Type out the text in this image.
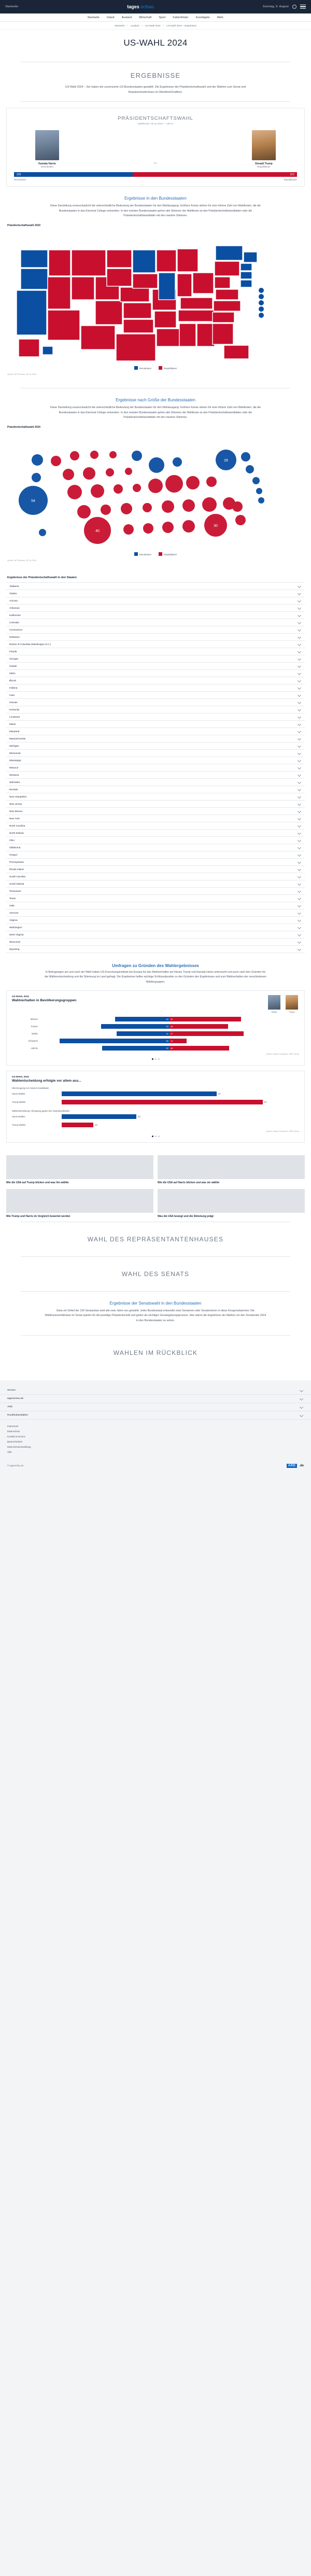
Startseite	tages schau	Sonntag, 9. August
Startseite	Inland	Ausland	Wirtschaft	Sport	Faktenfinder	Investigativ	Mehr
Startseite › Ausland › US-Wahl 2024 › US-Wahl 2024 – Ergebnisse
US-WAHL 2024
ERGEBNISSE
US-Wahl 2024 – Sie haben die unzensierte US-Bundesstaaten gewählt. Die Ergebnisse der Präsidentschaftswahl und der Wahlen zum Senat und Repräsentantenhaus im Überblick/Grafiken.
PRÄSIDENTSCHAFTSWAHL
Wahltermin: 05.11.2024 — 100 %
Kamala Harris
Demokraten
vs.	Donald Trump
Republikaner
226	312
Demokraten	Republikaner
Ergebnisse in den Bundesstaaten
Diese Darstellung veranschaulicht die unterschiedliche Bedeutung der Bundesstaaten für den Wahlausgang: Größere Kreise stehen für eine höhere Zahl von Wahlleuten, die die Bundesstaaten in das Electoral College entsenden. In den meisten Bundesstaaten gehen alle Stimmen der Wahlleute an den Präsidentschaftskandidaten oder die Präsidentschaftskandidatin mit den meisten Stimmen.
Präsidentschaftswahl 2024
Demokraten	Republikaner
Quelle: AP Election, 05.11.2024
Ergebnisse nach Größe der Bundesstaaten
Diese Darstellung veranschaulicht die unterschiedliche Bedeutung der Bundesstaaten für den Wahlausgang: Größere Kreise stehen für eine höhere Zahl von Wahlleuten, die die Bundesstaaten in das Electoral College entsenden. In den meisten Bundesstaaten gehen alle Stimmen der Wahlleute an den Präsidentschaftskandidaten oder die Präsidentschaftskandidatin mit den meisten Stimmen.
Präsidentschaftswahl 2024
54
40
30
28
Demokraten	Republikaner
Quelle: AP Election, 05.11.2024
Ergebnisse der Präsidentschaftswahl in den Staaten
Alabama
Alaska
Arizona
Arkansas
Kalifornien
Colorado
Connecticut
Delaware
District of Columbia (Washington D.C.)
Florida
Georgia
Hawaii
Idaho
Illinois
Indiana
Iowa
Kansas
Kentucky
Louisiana
Maine
Maryland
Massachusetts
Michigan
Minnesota
Mississippi
Missouri
Montana
Nebraska
Nevada
New Hampshire
New Jersey
New Mexico
New York
North Carolina
North Dakota
Ohio
Oklahoma
Oregon
Pennsylvania
Rhode Island
South Carolina
South Dakota
Tennessee
Texas
Utah
Vermont
Virginia
Washington
West Virginia
Wisconsin
Wyoming
Umfragen zu Gründen des Wahlergebnisses
In Befragungen am und nach der Wahl haben US-Forschungsinstitute bei Europa für das Wahlverhalten am Neuen Trump und Kamala Harris untersucht und auch nach den Gründen für die Wählerentscheidung und die Stimmung im Land gefragt. Die Ergebnisse helfen wichtige Schlüsselpunkte zu den Gründen des Ergebnisses und zum Wahlverhalten der verschiedenen Wählergruppen.
US-WAHL 2024
Wahlverhalten in Bevölkerungsgruppen
Harris	Trump
Männer	42	55
Frauen	53	45
Weiße	41	57
Schwarze	85	13
Latinos	52	46
Quelle: Edison Research / NBC News
US-WAHL 2024
Wahlentscheidung erfolgte vor allem aus...
Überzeugung von meinem Kandidaten
Harris-Wähler	67
Trump-Wähler	87
Wahlentscheidung: Abneigung gegen den Gegenkandidaten
Harris-Wähler	33
Trump-Wähler	13
Quelle: Edison Research / NBC News
Wie die USA auf Trump blicken und was ihn wählte	Wie die USA auf Harris blicken und was sie wählte
Wie Trump und Harris im Vergleich bewertet werden	Was die USA bewegt und die Stimmung prägt
WAHL DES REPRÄSENTANTENHAUSES
WAHL DES SENATS
Ergebnisse der Senatswahl in den Bundesstaaten
Etwa ein Drittel der 100 Senatssitze wird alle zwei Jahre neu gewählt. Jeder Bundesstaat entsendet zwei Senatoren oder Senatorinnen in diese Kongresskammer. Die Wahlkreisverhältnisse im Senat spielen für die jeweilige Präsidentschaft und gelten als wichtiger Gesetzgebungsprozess. Hier wären die Ergebnisse der Wahlen um den Senatorsitz 2024 in den Bundesstaaten zu sehen.
WAHLEN IM RÜCKBLICK
Service
tagesschau.de
ARD
Rundfunkanstalten
Impressum
Datenschutz
Kontakt & Service
Barrierefreiheit
Datenschutzeinstellung
Hilfe
© tagesschau.de	ARD	.de
